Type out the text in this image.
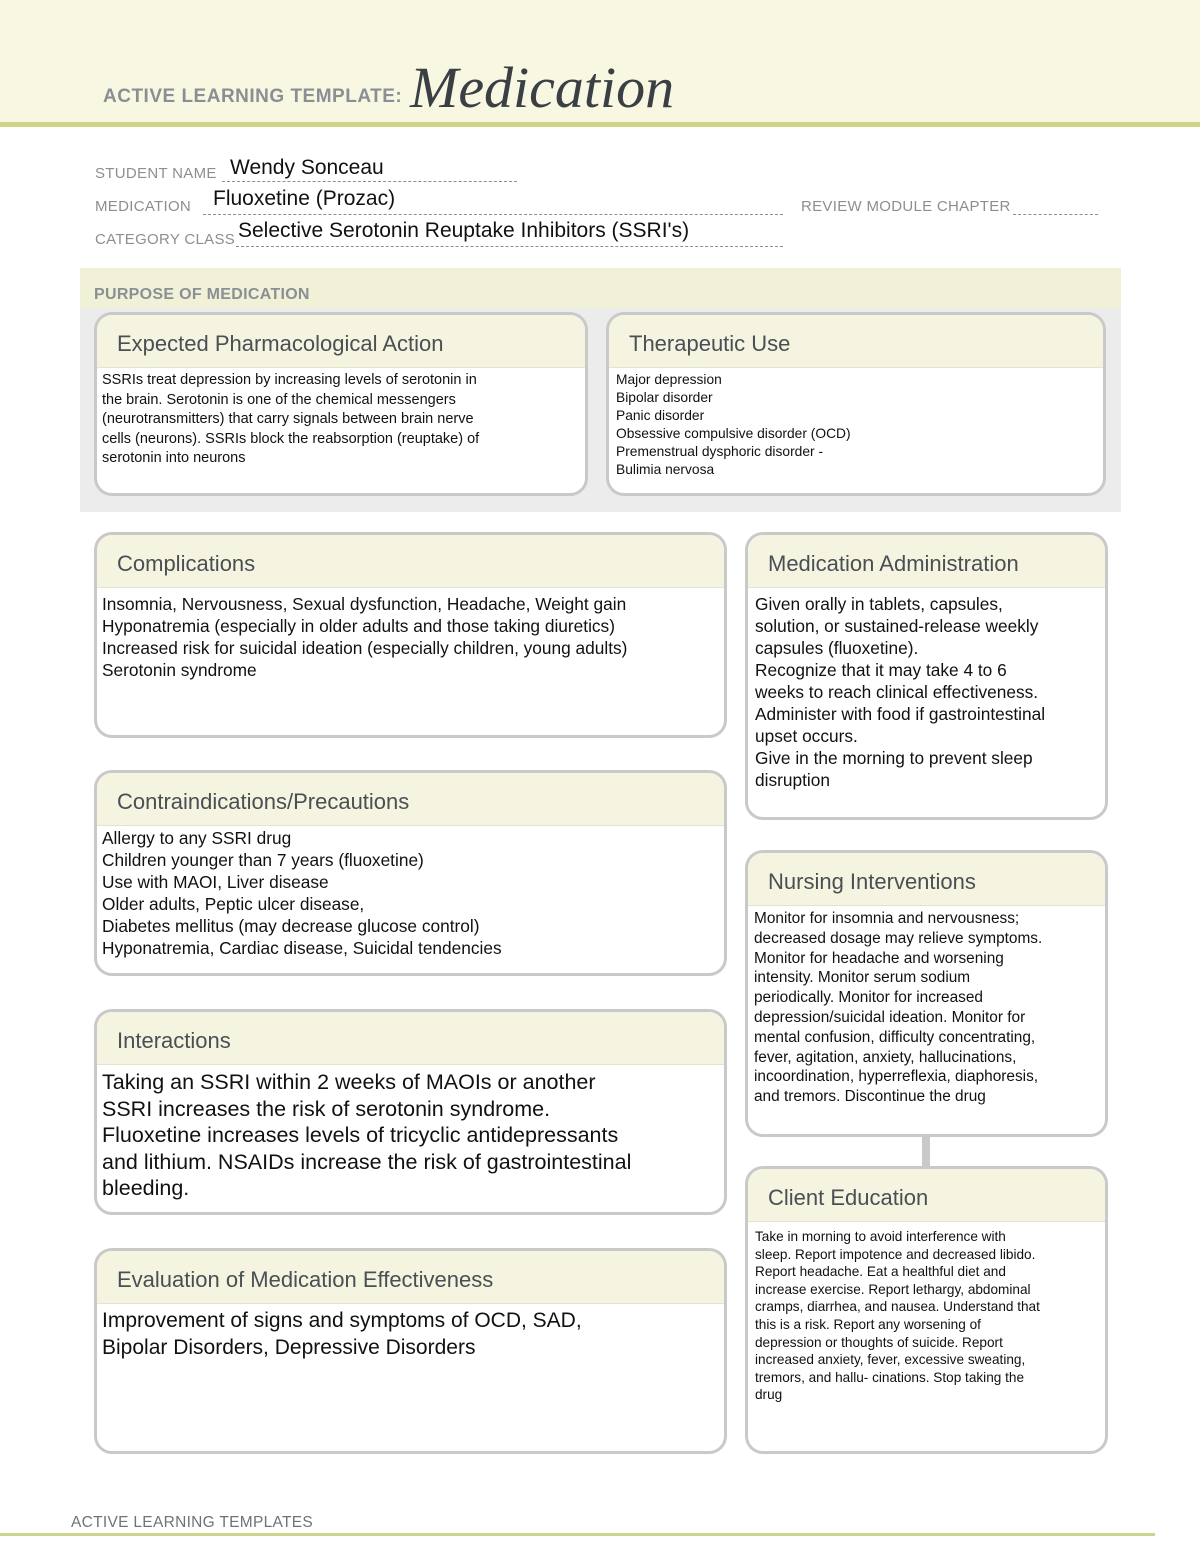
ACTIVE LEARNING TEMPLATE: Medication
STUDENT NAME Wendy Sonceau
MEDICATION Fluoxetine (Prozac)	REVIEW MODULE CHAPTER
CATEGORY CLASS Selective Serotonin Reuptake Inhibitors (SSRI's)
PURPOSE OF MEDICATION
Expected Pharmacological Action
SSRIs treat depression by increasing levels of serotonin in
the brain. Serotonin is one of the chemical messengers
(neurotransmitters) that carry signals between brain nerve
cells (neurons). SSRIs block the reabsorption (reuptake) of
serotonin into neurons
Therapeutic Use
Major depression
Bipolar disorder
Panic disorder
Obsessive compulsive disorder (OCD)
Premenstrual dysphoric disorder -
Bulimia nervosa
Complications
Insomnia, Nervousness, Sexual dysfunction, Headache, Weight gain
Hyponatremia (especially in older adults and those taking diuretics)
Increased risk for suicidal ideation (especially children, young adults)
Serotonin syndrome
Contraindications/Precautions
Allergy to any SSRI drug
Children younger than 7 years (fluoxetine)
Use with MAOI, Liver disease
Older adults, Peptic ulcer disease,
Diabetes mellitus (may decrease glucose control)
Hyponatremia, Cardiac disease, Suicidal tendencies
Interactions
Taking an SSRI within 2 weeks of MAOIs or another
SSRI increases the risk of serotonin syndrome.
Fluoxetine increases levels of tricyclic antidepressants
and lithium. NSAIDs increase the risk of gastrointestinal
bleeding.
Evaluation of Medication Effectiveness
Improvement of signs and symptoms of OCD, SAD,
Bipolar Disorders, Depressive Disorders
Medication Administration
Given orally in tablets, capsules,
solution, or sustained-release weekly
capsules (fluoxetine).
Recognize that it may take 4 to 6
weeks to reach clinical effectiveness.
Administer with food if gastrointestinal
upset occurs.
Give in the morning to prevent sleep
disruption
Nursing Interventions
Monitor for insomnia and nervousness;
decreased dosage may relieve symptoms.
Monitor for headache and worsening
intensity. Monitor serum sodium
periodically. Monitor for increased
depression/suicidal ideation. Monitor for
mental confusion, difficulty concentrating,
fever, agitation, anxiety, hallucinations,
incoordination, hyperreflexia, diaphoresis,
and tremors. Discontinue the drug
Client Education
Take in morning to avoid interference with
sleep. Report impotence and decreased libido.
Report headache. Eat a healthful diet and
increase exercise. Report lethargy, abdominal
cramps, diarrhea, and nausea. Understand that
this is a risk. Report any worsening of
depression or thoughts of suicide. Report
increased anxiety, fever, excessive sweating,
tremors, and hallu- cinations. Stop taking the
drug
ACTIVE LEARNING TEMPLATES
